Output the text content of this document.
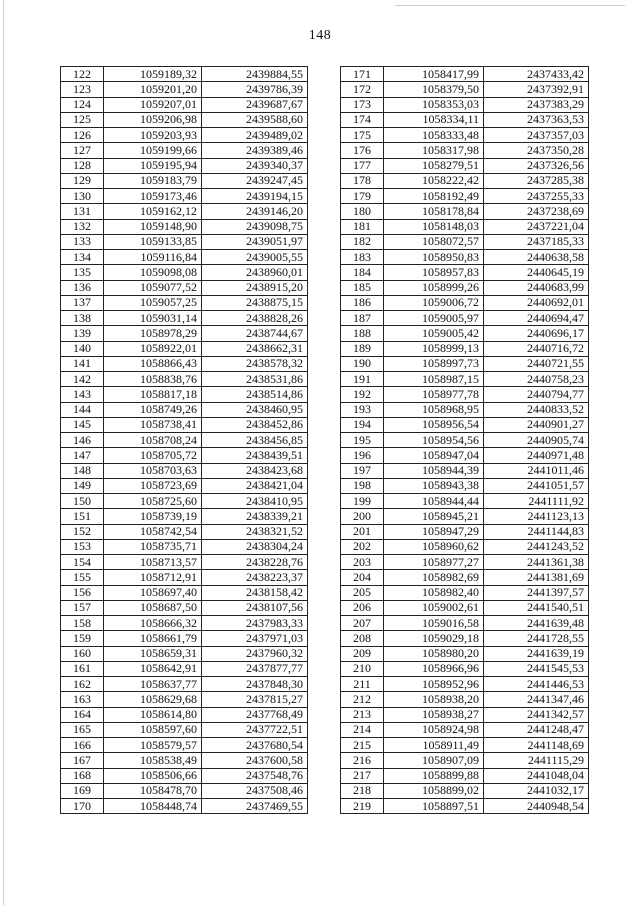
148
122	1059189,32	2439884,55
123	1059201,20	2439786,39
124	1059207,01	2439687,67
125	1059206,98	2439588,60
126	1059203,93	2439489,02
127	1059199,66	2439389,46
128	1059195,94	2439340,37
129	1059183,79	2439247,45
130	1059173,46	2439194,15
131	1059162,12	2439146,20
132	1059148,90	2439098,75
133	1059133,85	2439051,97
134	1059116,84	2439005,55
135	1059098,08	2438960,01
136	1059077,52	2438915,20
137	1059057,25	2438875,15
138	1059031,14	2438828,26
139	1058978,29	2438744,67
140	1058922,01	2438662,31
141	1058866,43	2438578,32
142	1058838,76	2438531,86
143	1058817,18	2438514,86
144	1058749,26	2438460,95
145	1058738,41	2438452,86
146	1058708,24	2438456,85
147	1058705,72	2438439,51
148	1058703,63	2438423,68
149	1058723,69	2438421,04
150	1058725,60	2438410,95
151	1058739,19	2438339,21
152	1058742,54	2438321,52
153	1058735,71	2438304,24
154	1058713,57	2438228,76
155	1058712,91	2438223,37
156	1058697,40	2438158,42
157	1058687,50	2438107,56
158	1058666,32	2437983,33
159	1058661,79	2437971,03
160	1058659,31	2437960,32
161	1058642,91	2437877,77
162	1058637,77	2437848,30
163	1058629,68	2437815,27
164	1058614,80	2437768,49
165	1058597,60	2437722,51
166	1058579,57	2437680,54
167	1058538,49	2437600,58
168	1058506,66	2437548,76
169	1058478,70	2437508,46
170	1058448,74	2437469,55
171	1058417,99	2437433,42
172	1058379,50	2437392,91
173	1058353,03	2437383,29
174	1058334,11	2437363,53
175	1058333,48	2437357,03
176	1058317,98	2437350,28
177	1058279,51	2437326,56
178	1058222,42	2437285,38
179	1058192,49	2437255,33
180	1058178,84	2437238,69
181	1058148,03	2437221,04
182	1058072,57	2437185,33
183	1058950,83	2440638,58
184	1058957,83	2440645,19
185	1058999,26	2440683,99
186	1059006,72	2440692,01
187	1059005,97	2440694,47
188	1059005,42	2440696,17
189	1058999,13	2440716,72
190	1058997,73	2440721,55
191	1058987,15	2440758,23
192	1058977,78	2440794,77
193	1058968,95	2440833,52
194	1058956,54	2440901,27
195	1058954,56	2440905,74
196	1058947,04	2440971,48
197	1058944,39	2441011,46
198	1058943,38	2441051,57
199	1058944,44	2441111,92
200	1058945,21	2441123,13
201	1058947,29	2441144,83
202	1058960,62	2441243,52
203	1058977,27	2441361,38
204	1058982,69	2441381,69
205	1058982,40	2441397,57
206	1059002,61	2441540,51
207	1059016,58	2441639,48
208	1059029,18	2441728,55
209	1058980,20	2441639,19
210	1058966,96	2441545,53
211	1058952,96	2441446,53
212	1058938,20	2441347,46
213	1058938,27	2441342,57
214	1058924,98	2441248,47
215	1058911,49	2441148,69
216	1058907,09	2441115,29
217	1058899,88	2441048,04
218	1058899,02	2441032,17
219	1058897,51	2440948,54
